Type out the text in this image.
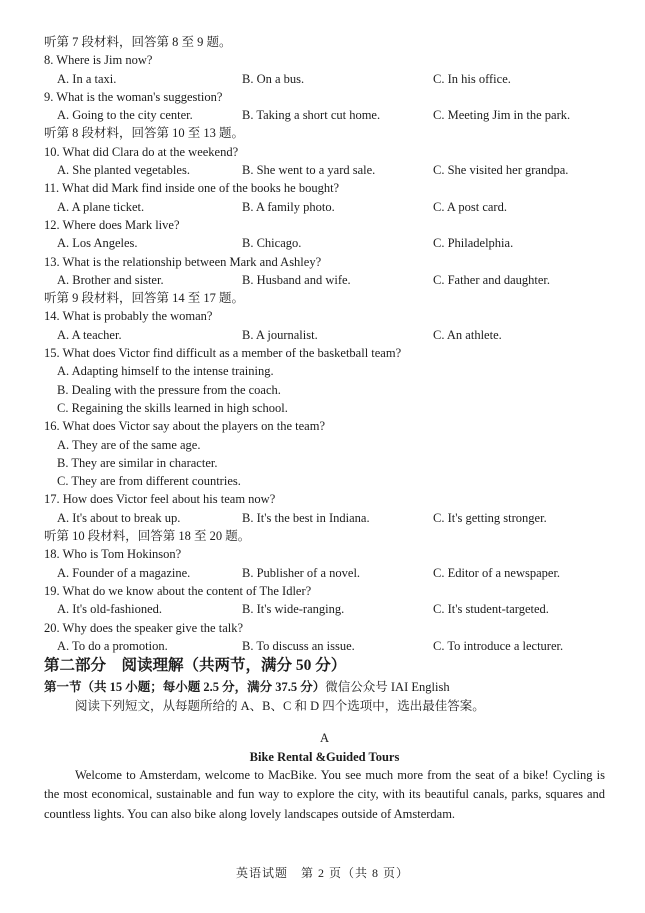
听第 7 段材料，回答第 8 至 9 题。
8. Where is Jim now?
A. In a taxi.	B. On a bus.	C. In his office.
9. What is the woman's suggestion?
A. Going to the city center.	B. Taking a short cut home.	C. Meeting Jim in the park.
听第 8 段材料，回答第 10 至 13 题。
10. What did Clara do at the weekend?
A. She planted vegetables.	B. She went to a yard sale.	C. She visited her grandpa.
11. What did Mark find inside one of the books he bought?
A. A plane ticket.	B. A family photo.	C. A post card.
12. Where does Mark live?
A. Los Angeles.	B. Chicago.	C. Philadelphia.
13. What is the relationship between Mark and Ashley?
A. Brother and sister.	B. Husband and wife.	C. Father and daughter.
听第 9 段材料，回答第 14 至 17 题。
14. What is probably the woman?
A. A teacher.	B. A journalist.	C. An athlete.
15. What does Victor find difficult as a member of the basketball team?
A. Adapting himself to the intense training.
B. Dealing with the pressure from the coach.
C. Regaining the skills learned in high school.
16. What does Victor say about the players on the team?
A. They are of the same age.
B. They are similar in character.
C. They are from different countries.
17. How does Victor feel about his team now?
A. It's about to break up.	B. It's the best in Indiana.	C. It's getting stronger.
听第 10 段材料，回答第 18 至 20 题。
18. Who is Tom Hokinson?
A. Founder of a magazine.	B. Publisher of a novel.	C. Editor of a newspaper.
19. What do we know about the content of The Idler?
A. It's old-fashioned.	B. It's wide-ranging.	C. It's student-targeted.
20. Why does the speaker give the talk?
A. To do a promotion.	B. To discuss an issue.	C. To introduce a lecturer.
第二部分　阅读理解（共两节，满分 50 分）
第一节（共 15 小题；每小题 2.5 分，满分 37.5 分）微信公众号 IAI English
阅读下列短文，从每题所给的 A、B、C 和 D 四个选项中，选出最佳答案。
A
Bike Rental &Guided Tours

Welcome to Amsterdam, welcome to MacBike. You see much more from the seat of a bike! Cycling is the most economical, sustainable and fun way to explore the city, with its beautiful canals, parks, squares and countless lights. You can also bike along lovely landscapes outside of Amsterdam.

英语试题　第 2 页（共 8 页）
